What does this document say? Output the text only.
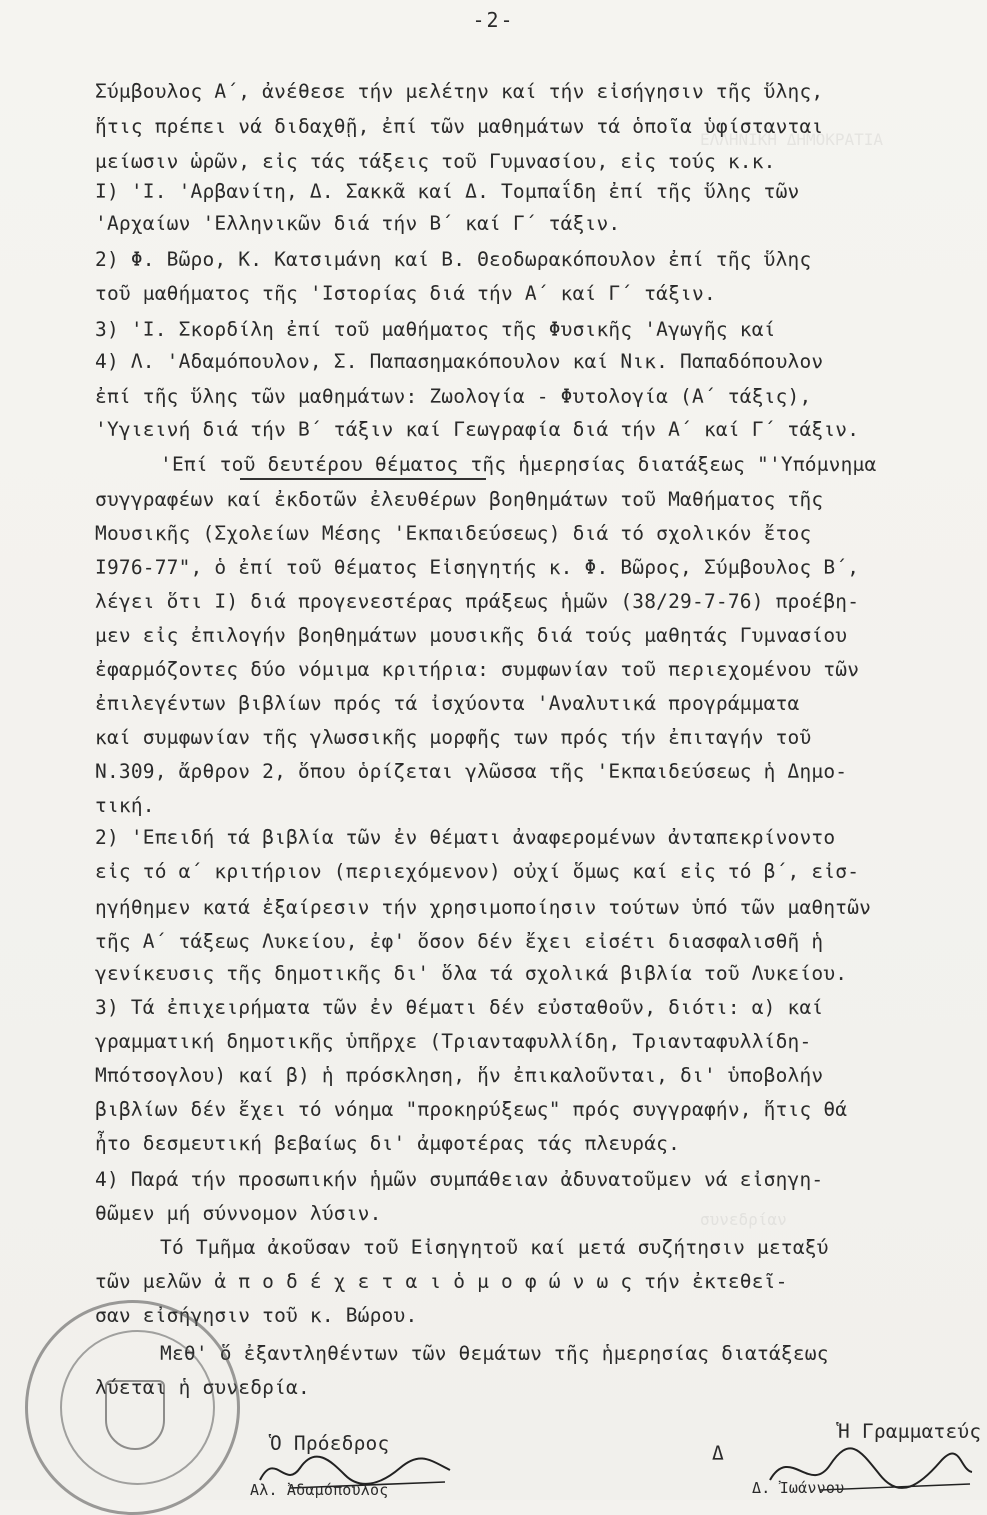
ΕΛΛΗΝΙΚΗ ΔΗΜΟΚΡΑΤΙΑ
συνεδρίαν
-2-
Σύμβουλος Α΄, ἀνέθεσε τήν μελέτην καί τήν εἰσήγησιν τῆς ὕλης,
ἥτις πρέπει νά διδαχθῇ, ἐπί τῶν μαθημάτων τά ὁποῖα ὑφίστανται
μείωσιν ὡρῶν, εἰς τάς τάξεις τοῦ Γυμνασίου, εἰς τούς κ.κ.
Ι) 'Ι. 'Αρβανίτη, Δ. Σακκᾶ καί Δ. Τομπαΐδη ἐπί τῆς ὕλης τῶν
'Αρχαίων 'Ελληνικῶν διά τήν Β΄ καί Γ΄ τάξιν.
2) Φ. Βῶρο, Κ. Κατσιμάνη καί Β. Θεοδωρακόπουλον ἐπί τῆς ὕλης
τοῦ μαθήματος τῆς 'Ιστορίας διά τήν Α΄ καί Γ΄ τάξιν.
3) 'Ι. Σκορδίλη ἐπί τοῦ μαθήματος τῆς Φυσικῆς 'Αγωγῆς καί
4) Λ. 'Αδαμόπουλον, Σ. Παπασημακόπουλον καί Νικ. Παπαδόπουλον
ἐπί τῆς ὕλης τῶν μαθημάτων: Ζωολογία - Φυτολογία (Α΄ τάξις),
'Υγιεινή διά τήν Β΄ τάξιν καί Γεωγραφία διά τήν Α΄ καί Γ΄ τάξιν.
'Επί τοῦ δευτέρου θέματος τῆς ἡμερησίας διατάξεως "'Υπόμνημα
συγγραφέων καί ἐκδοτῶν ἐλευθέρων βοηθημάτων τοῦ Μαθήματος τῆς
Μουσικῆς (Σχολείων Μέσης 'Εκπαιδεύσεως) διά τό σχολικόν ἔτος
Ι976-77", ὁ ἐπί τοῦ θέματος Εἰσηγητής κ. Φ. Βῶρος, Σύμβουλος Β΄,
λέγει ὅτι Ι) διά προγενεστέρας πράξεως ἡμῶν (38/29-7-76) προέβη-
μεν εἰς ἐπιλογήν βοηθημάτων μουσικῆς διά τούς μαθητάς Γυμνασίου
ἐφαρμόζοντες δύο νόμιμα κριτήρια: συμφωνίαν τοῦ περιεχομένου τῶν
ἐπιλεγέντων βιβλίων πρός τά ἰσχύοντα 'Αναλυτικά προγράμματα
καί συμφωνίαν τῆς γλωσσικῆς μορφῆς των πρός τήν ἐπιταγήν τοῦ
Ν.309, ἄρθρον 2, ὅπου ὁρίζεται γλῶσσα τῆς 'Εκπαιδεύσεως ἡ Δημο-
τική.
2) 'Επειδή τά βιβλία τῶν ἐν θέματι ἀναφερομένων ἀνταπεκρίνοντο
εἰς τό α΄ κριτήριον (περιεχόμενον) οὐχί ὅμως καί εἰς τό β΄, εἰσ-
ηγήθημεν κατά ἐξαίρεσιν τήν χρησιμοποίησιν τούτων ὑπό τῶν μαθητῶν
τῆς Α΄ τάξεως Λυκείου, ἐφ' ὅσον δέν ἔχει εἰσέτι διασφαλισθῆ ἡ
γενίκευσις τῆς δημοτικῆς δι' ὅλα τά σχολικά βιβλία τοῦ Λυκείου.
3) Τά ἐπιχειρήματα τῶν ἐν θέματι δέν εὐσταθοῦν, διότι: α) καί
γραμματική δημοτικῆς ὑπῆρχε (Τριανταφυλλίδη, Τριανταφυλλίδη-
Μπότσογλου) καί β) ἡ πρόσκληση, ἥν ἐπικαλοῦνται, δι' ὑποβολήν
βιβλίων δέν ἔχει τό νόημα "προκηρύξεως" πρός συγγραφήν, ἥτις θά
ἦτο δεσμευτική βεβαίως δι' ἀμφοτέρας τάς πλευράς.
4) Παρά τήν προσωπικήν ἡμῶν συμπάθειαν ἀδυνατοῦμεν νά εἰσηγη-
θῶμεν μή σύννομον λύσιν.
Τό Τμῆμα ἀκοῦσαν τοῦ Εἰσηγητοῦ καί μετά συζήτησιν μεταξύ
τῶν μελῶν ἀ π ο δ έ χ ε τ α ι ὁ μ ο φ ώ ν ω ς τήν ἐκτεθεῖ-
σαν εἰσήγησιν τοῦ κ. Βώρου.
Μεθ' ὅ ἐξαντληθέντων τῶν θεμάτων τῆς ἡμερησίας διατάξεως
λύεται ἡ συνεδρία.
Ὁ Πρόεδρος
Αλ. Ἀδαμόπουλος
Ἡ Γραμματεύς
Δ
Δ. Ἰωάννου
